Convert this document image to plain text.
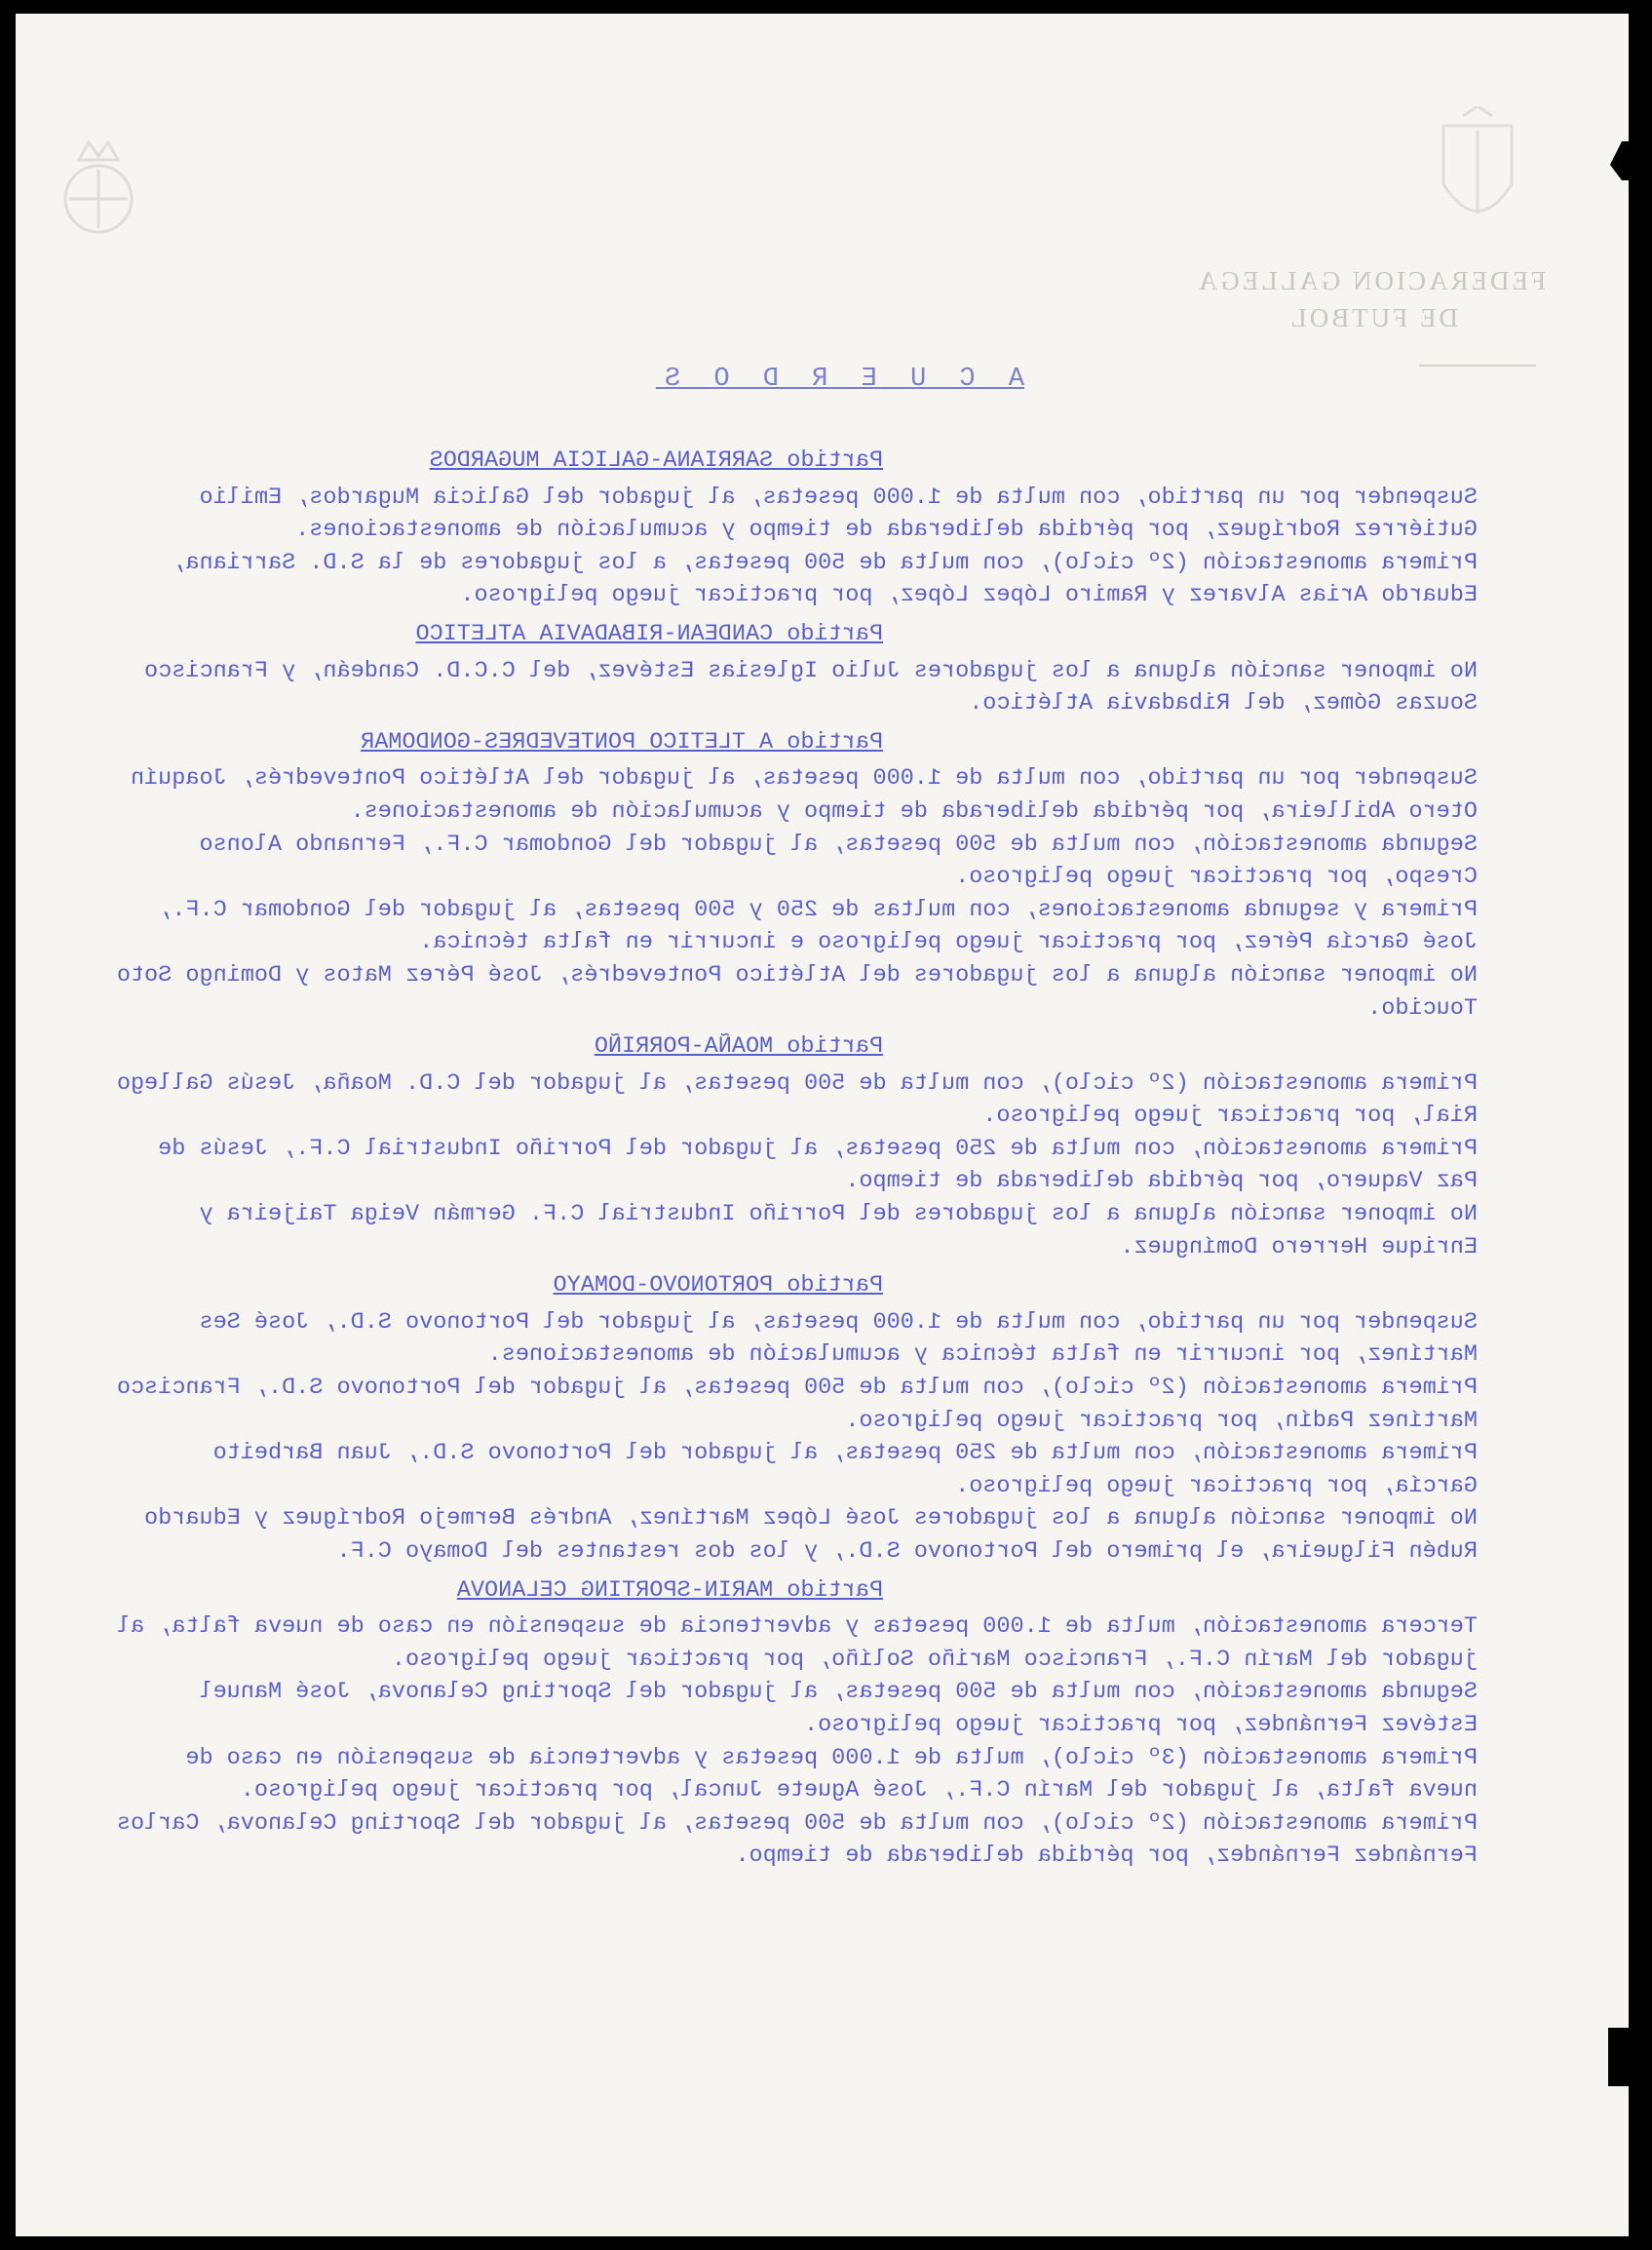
FEDERACION GALLEGA
DE FUTBOL
A C U E R D O S
Partido SARRIANA-GALICIA MUGARDOS
Suspender por un partido, con multa de 1.000 pesetas, al jugador del Galicia Mugardos, Emilio Gutiérrez Rodríguez, por pérdida deliberada de tiempo y acumulación de amonestaciones.
Primera amonestación (2º ciclo), con multa de 500 pesetas, a los jugadores de la S.D. Sarriana, Eduardo Arias Alvarez y Ramiro López López, por practicar juego peligroso.
Partido CANDEAN-RIBADAVIA ATLETICO
No imponer sanción alguna a los jugadores Julio Iglesias Estévez, del C.C.D. Candeán, y Francisco Souzas Gómez, del Ribadavia Atlético.
Partido A TLETICO PONTEVEDRES-GONDOMAR
Suspender por un partido, con multa de 1.000 pesetas, al jugador del Atlético Pontevedrés, Joaquín Otero Abilleira, por pérdida deliberada de tiempo y acumulación de amonestaciones.
Segunda amonestación, con multa de 500 pesetas, al jugador del Gondomar C.F., Fernando Alonso Crespo, por practicar juego peligroso.
Primera y segunda amonestaciones, con multas de 250 y 500 pesetas, al jugador del Gondomar C.F., José García Pérez, por practicar juego peligroso e incurrir en falta técnica.
No imponer sanción alguna a los jugadores del Atlético Pontevedrés, José Pérez Matos y Domingo Soto Toucido.
Partido MOAÑA-PORRIÑO
Primera amonestación (2º ciclo), con multa de 500 pesetas, al jugador del C.D. Moaña, Jesús Gallego Rial, por practicar juego peligroso.
Primera amonestación, con multa de 250 pesetas, al jugador del Porriño Industrial C.F., Jesús de Paz Vaquero, por pérdida deliberada de tiempo.
No imponer sanción alguna a los jugadores del Porriño Industrial C.F. Germán Veiga Taijeira y Enrique Herrero Domínguez.
Partido PORTONOVO-DOMAYO
Suspender por un partido, con multa de 1.000 pesetas, al jugador del Portonovo S.D., José Ses Martínez, por incurrir en falta técnica y acumulación de amonestaciones.
Primera amonestación (2º ciclo), con multa de 500 pesetas, al jugador del Portonovo S.D., Francisco Martínez Padín, por practicar juego peligroso.
Primera amonestación, con multa de 250 pesetas, al jugador del Portonovo S.D., Juan Barbeito García, por practicar juego peligroso.
No imponer sanción alguna a los jugadores José López Martínez, Andrés Bermejo Rodríguez y Eduardo Rubén Filgueira, el primero del Portonovo S.D., y los dos restantes del Domayo C.F.
Partido MARIN-SPORTING CELANOVA
Tercera amonestación, multa de 1.000 pesetas y advertencia de suspensión en caso de nueva falta, al jugador del Marín C.F., Francisco Mariño Solíño, por practicar juego peligroso.
Segunda amonestación, con multa de 500 pesetas, al jugador del Sporting Celanova, José Manuel Estévez Fernández, por practicar juego peligroso.
Primera amonestación (3º ciclo), multa de 1.000 pesetas y advertencia de suspensión en caso de nueva falta, al jugador del Marín C.F., José Aguete Juncal, por practicar juego peligroso.
Primera amonestación (2º ciclo), con multa de 500 pesetas, al jugador del Sporting Celanova, Carlos Fernández Fernández, por pérdida deliberada de tiempo.
